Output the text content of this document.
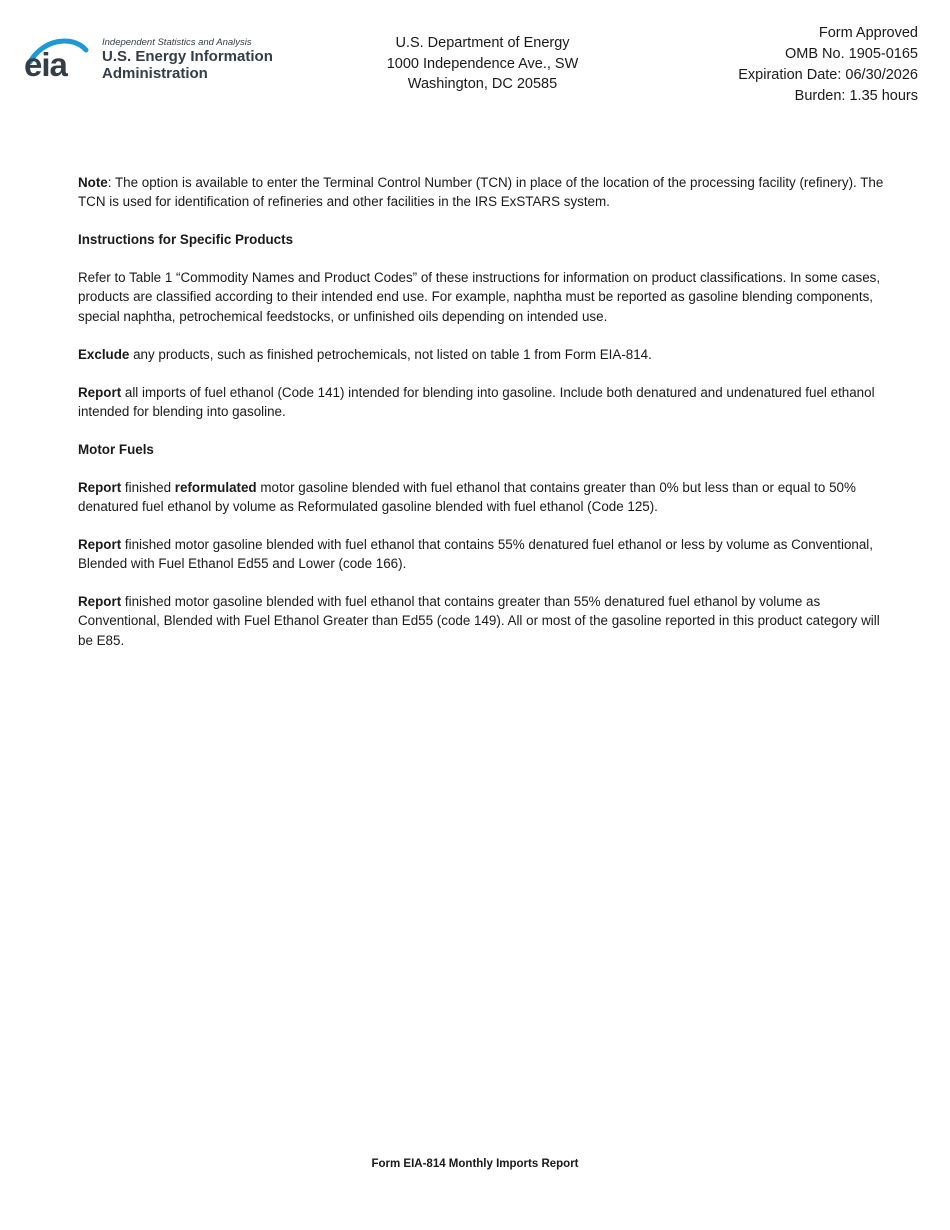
eia
Independent Statistics and Analysis
U.S. Energy Information
Administration
U.S. Department of Energy
1000 Independence Ave., SW
Washington, DC 20585
Form Approved
OMB No. 1905-0165
Expiration Date: 06/30/2026
Burden: 1.35 hours

Note: The option is available to enter the Terminal Control Number (TCN) in place of the location of the processing facility (refinery). The TCN is used for identification of refineries and other facilities in the IRS ExSTARS system.

Instructions for Specific Products

Refer to Table 1 “Commodity Names and Product Codes” of these instructions for information on product classifications. In some cases, products are classified according to their intended end use. For example, naphtha must be reported as gasoline blending components, special naphtha, petrochemical feedstocks, or unfinished oils depending on intended use.

Exclude any products, such as finished petrochemicals, not listed on table 1 from Form EIA-814.

Report all imports of fuel ethanol (Code 141) intended for blending into gasoline. Include both denatured and undenatured fuel ethanol intended for blending into gasoline.

Motor Fuels

Report finished reformulated motor gasoline blended with fuel ethanol that contains greater than 0% but less than or equal to 50% denatured fuel ethanol by volume as Reformulated gasoline blended with fuel ethanol (Code 125).

Report finished motor gasoline blended with fuel ethanol that contains 55% denatured fuel ethanol or less by volume as Conventional, Blended with Fuel Ethanol Ed55 and Lower (code 166).

Report finished motor gasoline blended with fuel ethanol that contains greater than 55% denatured fuel ethanol by volume as Conventional, Blended with Fuel Ethanol Greater than Ed55 (code 149). All or most of the gasoline reported in this product category will be E85.

Form EIA-814 Monthly Imports Report
